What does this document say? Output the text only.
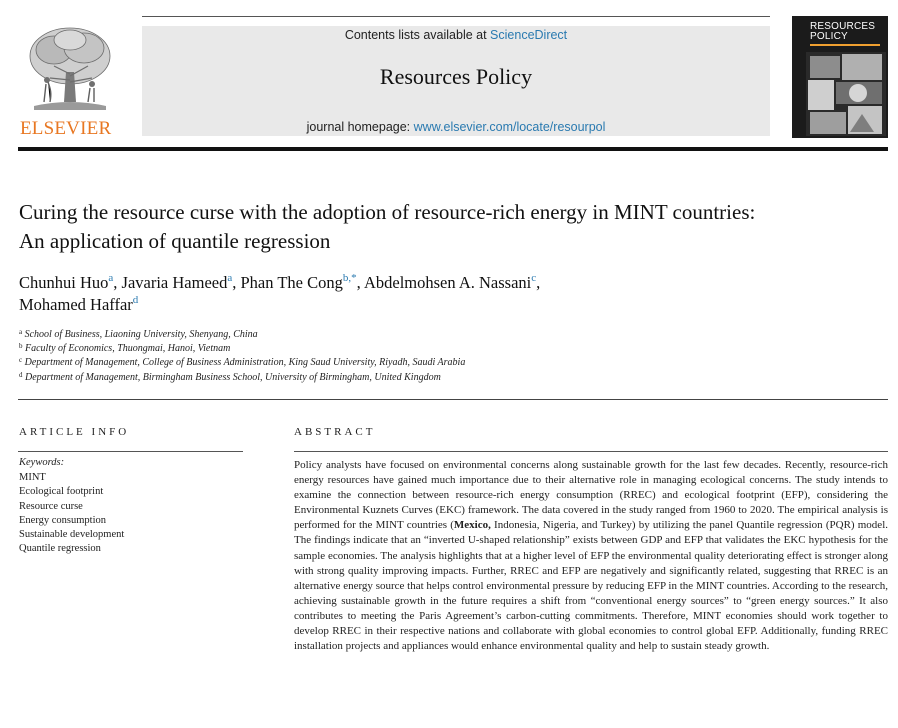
ELSEVIER
Contents lists available at ScienceDirect
Resources Policy
journal homepage: www.elsevier.com/locate/resourpol
RESOURCES
POLICY
Curing the resource curse with the adoption of resource-rich energy in MINT countries: An application of quantile regression
Chunhui Huo$^a$, Javaria Hameed$^a$, Phan The Cong$^{b,*}$, Abdelmohsen A. Nassani$^c$,
Mohamed Haffar$^d$
$^a$ School of Business, Liaoning University, Shenyang, China
$^b$ Faculty of Economics, Thuongmai, Hanoi, Vietnam
$^c$ Department of Management, College of Business Administration, King Saud University, Riyadh, Saudi Arabia
$^d$ Department of Management, Birmingham Business School, University of Birmingham, United Kingdom
ARTICLE INFO
Keywords:
MINT
Ecological footprint
Resource curse
Energy consumption
Sustainable development
Quantile regression
ABSTRACT
Policy analysts have focused on environmental concerns along sustainable growth for the last few decades. Recently, resource-rich energy resources have gained much importance due to their alternative role in managing ecological concerns. The study intends to examine the connection between resource-rich energy consumption (RREC) and ecological footprint (EFP), considering the Environmental Kuznets Curves (EKC) framework. The data covered in the study ranged from 1960 to 2020. The empirical analysis is performed for the MINT countries (Mexico, Indonesia, Nigeria, and Turkey) by utilizing the panel Quantile regression (PQR) model. The findings indicate that an “inverted U-shaped relationship” exists between GDP and EFP that validates the EKC hypothesis for the sample economies. The analysis highlights that at a higher level of EFP the environmental quality deteriorating effect is stronger along with strong quality improving impacts. Further, RREC and EFP are negatively and significantly related, suggesting that RREC is an alternative energy source that helps control environmental pressure by reducing EFP in the MINT countries. According to the research, achieving sustainable growth in the future requires a shift from “conventional energy sources” to “green energy sources.” It also contributes to meeting the Paris Agreement’s carbon-cutting commitments. Therefore, MINT economies should work together to develop RREC in their respective nations and collaborate with global economies to control global EFP. Additionally, funding RREC installation projects and appliances would enhance environmental quality and help to sustain steady growth.
